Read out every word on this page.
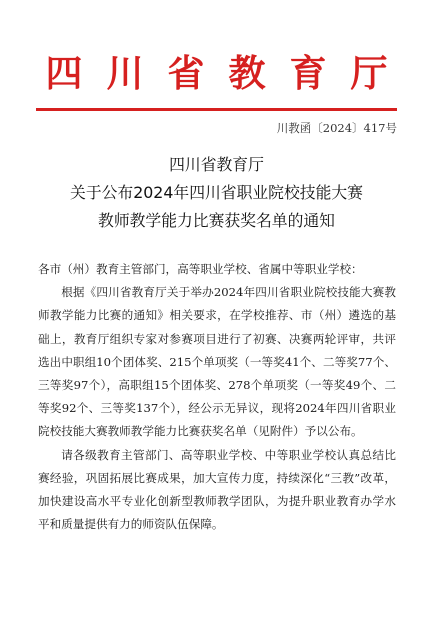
四川省教育厅
川教函〔2024〕417号
四川省教育厅
关于公布2024年四川省职业院校技能大赛
教师教学能力比赛获奖名单的通知

各市（州）教育主管部门，高等职业学校、省属中等职业学校：

根据《四川省教育厅关于举办2024年四川省职业院校技能大赛教师教学能力比赛的通知》相关要求，在学校推荐、市（州）遴选的基础上，教育厅组织专家对参赛项目进行了初赛、决赛两轮评审，共评选出中职组10个团体奖、215个单项奖（一等奖41个、二等奖77个、三等奖97个），高职组15个团体奖、278个单项奖（一等奖49个、二等奖92个、三等奖137个），经公示无异议，现将2024年四川省职业院校技能大赛教师教学能力比赛获奖名单（见附件）予以公布。

请各级教育主管部门、高等职业学校、中等职业学校认真总结比赛经验，巩固拓展比赛成果，加大宣传力度，持续深化“三教”改革，加快建设高水平专业化创新型教师教学团队，为提升职业教育办学水平和质量提供有力的师资队伍保障。
